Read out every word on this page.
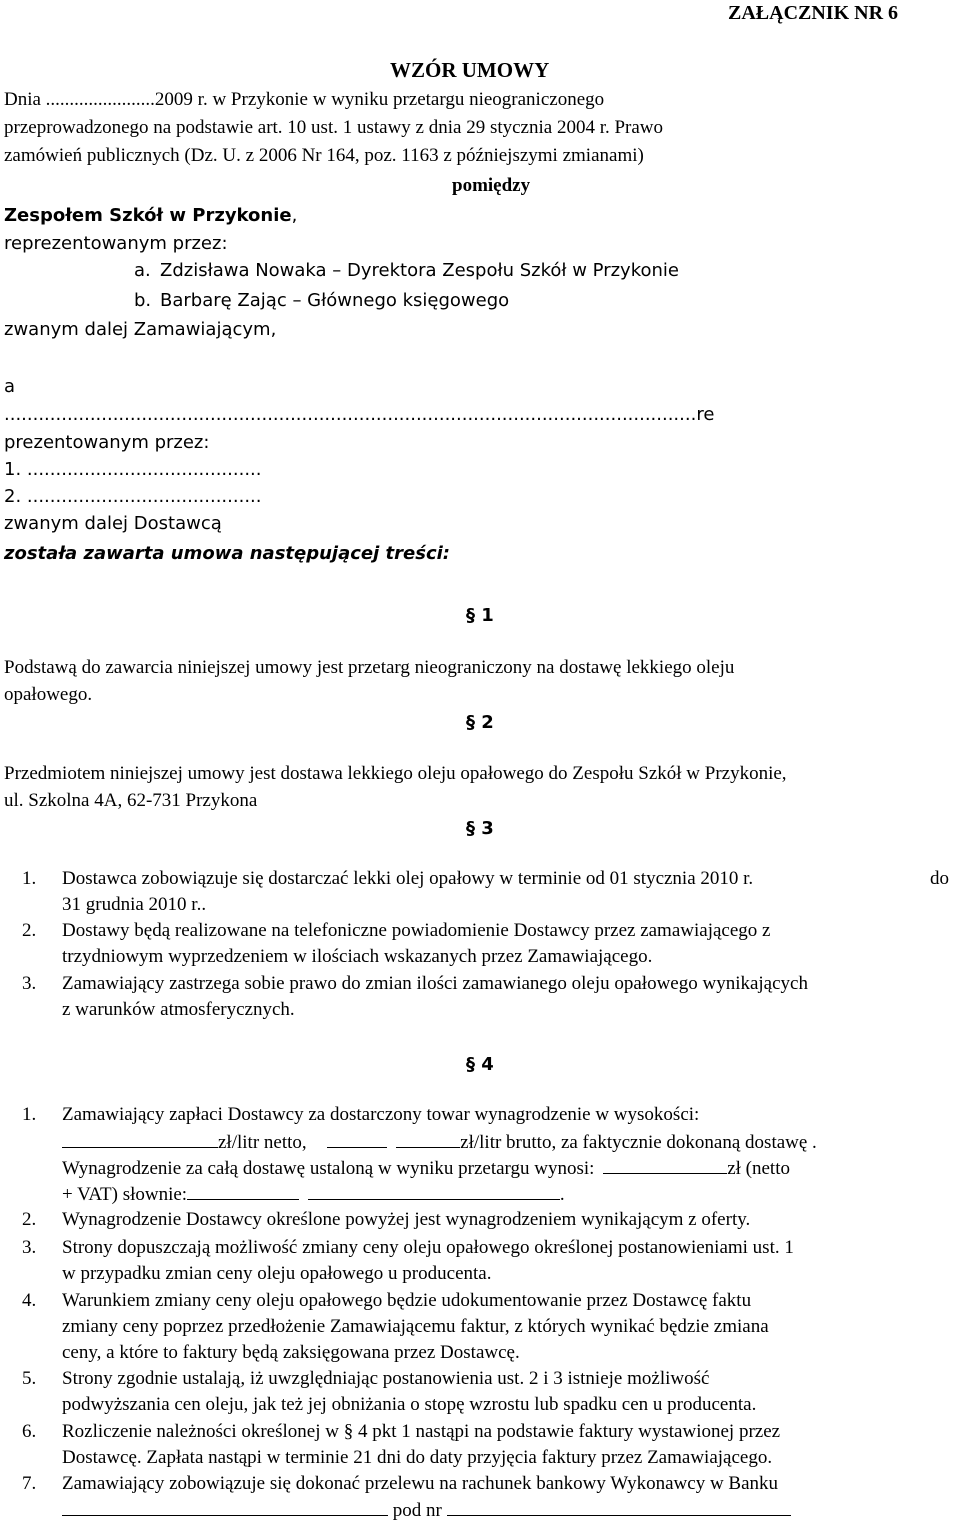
ZAŁĄCZNIK NR 6
WZÓR UMOWY
Dnia .......................2009 r. w Przykonie w wyniku przetargu nieograniczonego
przeprowadzonego na podstawie art. 10 ust. 1 ustawy z dnia 29 stycznia 2004 r. Prawo
zamówień publicznych (Dz. U. z 2006 Nr 164, poz. 1163 z późniejszymi zmianami)
pomiędzy
Zespołem Szkół w Przykonie,
reprezentowanym przez:
a. Zdzisława Nowaka – Dyrektora Zespołu Szkół w Przykonie
b. Barbarę Zając – Głównego księgowego
zwanym dalej Zamawiającym,
a
.........................................................................................................................re
prezentowanym przez:
1. .........................................
2. .........................................
zwanym dalej Dostawcą
została zawarta umowa następującej treści:
§ 1
Podstawą do zawarcia niniejszej umowy jest przetarg nieograniczony na dostawę lekkiego oleju
opałowego.
§ 2
Przedmiotem niniejszej umowy jest dostawa lekkiego oleju opałowego do Zespołu Szkół w Przykonie,
ul. Szkolna 4A, 62-731 Przykona
§ 3
1. Dostawca zobowiązuje się dostarczać lekki olej opałowy w terminie od 01 stycznia 2010 r.	do
31 grudnia 2010 r..
2. Dostawy będą realizowane na telefoniczne powiadomienie Dostawcy przez zamawiającego z
trzydniowym wyprzedzeniem w ilościach wskazanych przez Zamawiającego.
3. Zamawiający zastrzega sobie prawo do zmian ilości zamawianego oleju opałowego wynikających
z warunków atmosferycznych.
§ 4
1. Zamawiający zapłaci Dostawcy za dostarczony towar wynagrodzenie w wysokości:
zł/litr netto,	zł/litr brutto, za faktycznie dokonaną dostawę .
Wynagrodzenie za całą dostawę ustaloną w wyniku przetargu wynosi:	zł (netto
+ VAT) słownie:	.
2. Wynagrodzenie Dostawcy określone powyżej jest wynagrodzeniem wynikającym z oferty.
3. Strony dopuszczają możliwość zmiany ceny oleju opałowego określonej postanowieniami ust. 1
w przypadku zmian ceny oleju opałowego u producenta.
4. Warunkiem zmiany ceny oleju opałowego będzie udokumentowanie przez Dostawcę faktu
zmiany ceny poprzez przedłożenie Zamawiającemu faktur, z których wynikać będzie zmiana
ceny, a które to faktury będą zaksięgowana przez Dostawcę.
5. Strony zgodnie ustalają, iż uwzględniając postanowienia ust. 2 i 3 istnieje możliwość
podwyższania cen oleju, jak też jej obniżania o stopę wzrostu lub spadku cen u producenta.
6. Rozliczenie należności określonej w § 4 pkt 1 nastąpi na podstawie faktury wystawionej przez
Dostawcę. Zapłata nastąpi w terminie 21 dni do daty przyjęcia faktury przez Zamawiającego.
7. Zamawiający zobowiązuje się dokonać przelewu na rachunek bankowy Wykonawcy w Banku
pod nr
